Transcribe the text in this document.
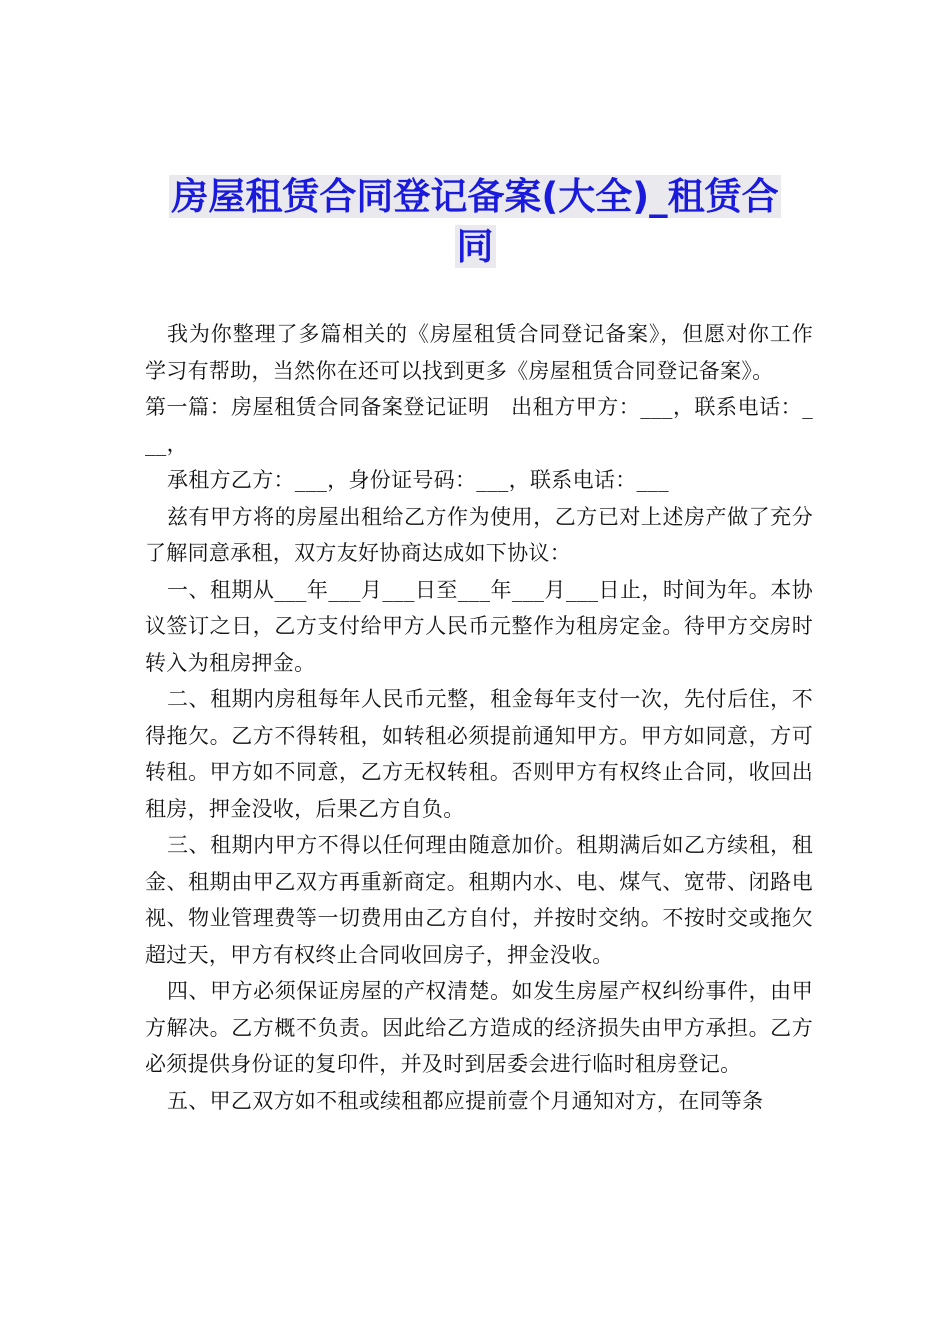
房屋租赁合同登记备案(大全)_租赁合
同

我为你整理了多篇相关的《房屋租赁合同登记备案》，但愿对你工作学习有帮助，当然你在还可以找到更多《房屋租赁合同登记备案》。

第一篇：房屋租赁合同备案登记证明　出租方甲方：___，联系电话：___，

承租方乙方：___，身份证号码：___，联系电话：___

兹有甲方将的房屋出租给乙方作为使用，乙方已对上述房产做了充分了解同意承租，双方友好协商达成如下协议：

一、租期从___年___月___日至___年___月___日止，时间为年。本协议签订之日，乙方支付给甲方人民币元整作为租房定金。待甲方交房时转入为租房押金。

二、租期内房租每年人民币元整，租金每年支付一次，先付后住，不得拖欠。乙方不得转租，如转租必须提前通知甲方。甲方如同意，方可转租。甲方如不同意，乙方无权转租。否则甲方有权终止合同，收回出租房，押金没收，后果乙方自负。

三、租期内甲方不得以任何理由随意加价。租期满后如乙方续租，租金、租期由甲乙双方再重新商定。租期内水、电、煤气、宽带、闭路电视、物业管理费等一切费用由乙方自付，并按时交纳。不按时交或拖欠超过天，甲方有权终止合同收回房子，押金没收。

四、甲方必须保证房屋的产权清楚。如发生房屋产权纠纷事件，由甲方解决。乙方概不负责。因此给乙方造成的经济损失由甲方承担。乙方必须提供身份证的复印件，并及时到居委会进行临时租房登记。

五、甲乙双方如不租或续租都应提前壹个月通知对方，在同等条
